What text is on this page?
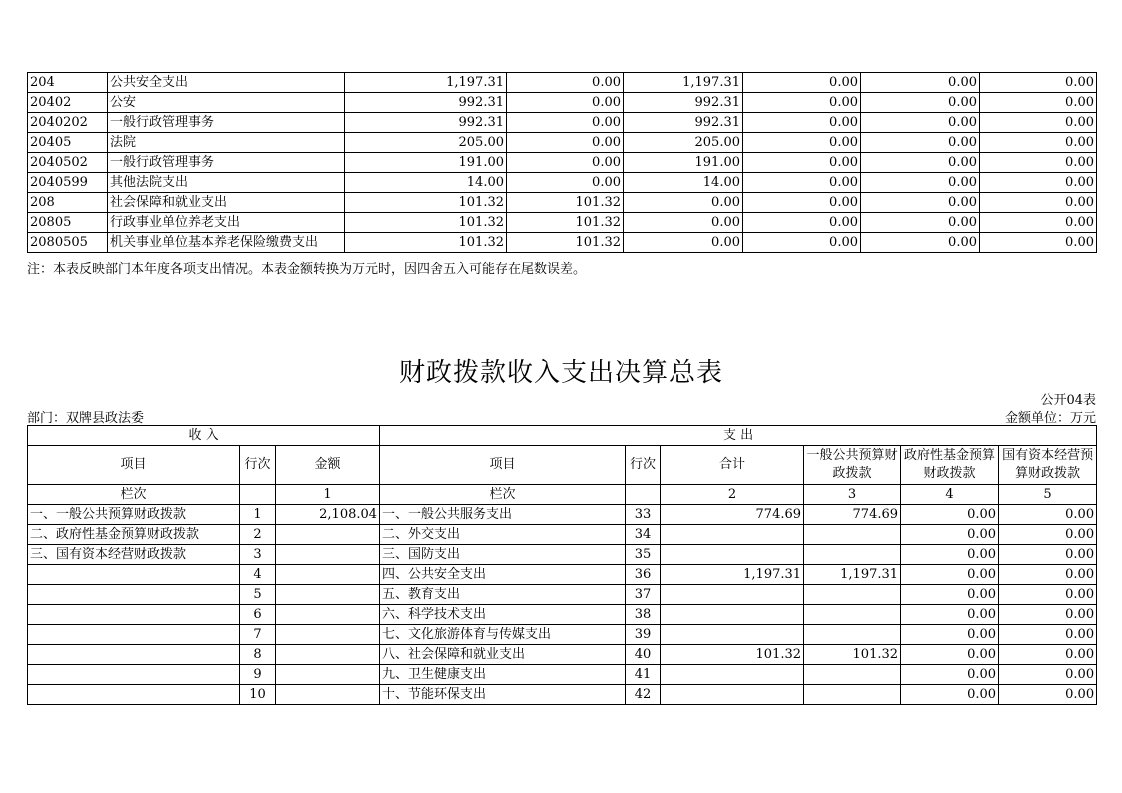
204	公共安全支出	1,197.31	0.00	1,197.31	0.00	0.00	0.00
20402	公安	992.31	0.00	992.31	0.00	0.00	0.00
2040202	一般行政管理事务	992.31	0.00	992.31	0.00	0.00	0.00
20405	法院	205.00	0.00	205.00	0.00	0.00	0.00
2040502	一般行政管理事务	191.00	0.00	191.00	0.00	0.00	0.00
2040599	其他法院支出	14.00	0.00	14.00	0.00	0.00	0.00
208	社会保障和就业支出	101.32	101.32	0.00	0.00	0.00	0.00
20805	行政事业单位养老支出	101.32	101.32	0.00	0.00	0.00	0.00
2080505	机关事业单位基本养老保险缴费支出	101.32	101.32	0.00	0.00	0.00	0.00
注：本表反映部门本年度各项支出情况。本表金额转换为万元时，因四舍五入可能存在尾数误差。
财政拨款收入支出决算总表
公开04表
部门：双牌县政法委	金额单位：万元
收 入			支 出					
项目	行次	金额	项目	行次	合计	一般公共预算财政拨款	政府性基金预算财政拨款	国有资本经营预算财政拨款
栏次		1	栏次		2	3	4	5
一、一般公共预算财政拨款	1	2,108.04	一、一般公共服务支出	33	774.69	774.69	0.00	0.00
二、政府性基金预算财政拨款	2		二、外交支出	34			0.00	0.00
三、国有资本经营财政拨款	3		三、国防支出	35			0.00	0.00
	4		四、公共安全支出	36	1,197.31	1,197.31	0.00	0.00
	5		五、教育支出	37			0.00	0.00
	6		六、科学技术支出	38			0.00	0.00
	7		七、文化旅游体育与传媒支出	39			0.00	0.00
	8		八、社会保障和就业支出	40	101.32	101.32	0.00	0.00
	9		九、卫生健康支出	41			0.00	0.00
	10		十、节能环保支出	42			0.00	0.00
